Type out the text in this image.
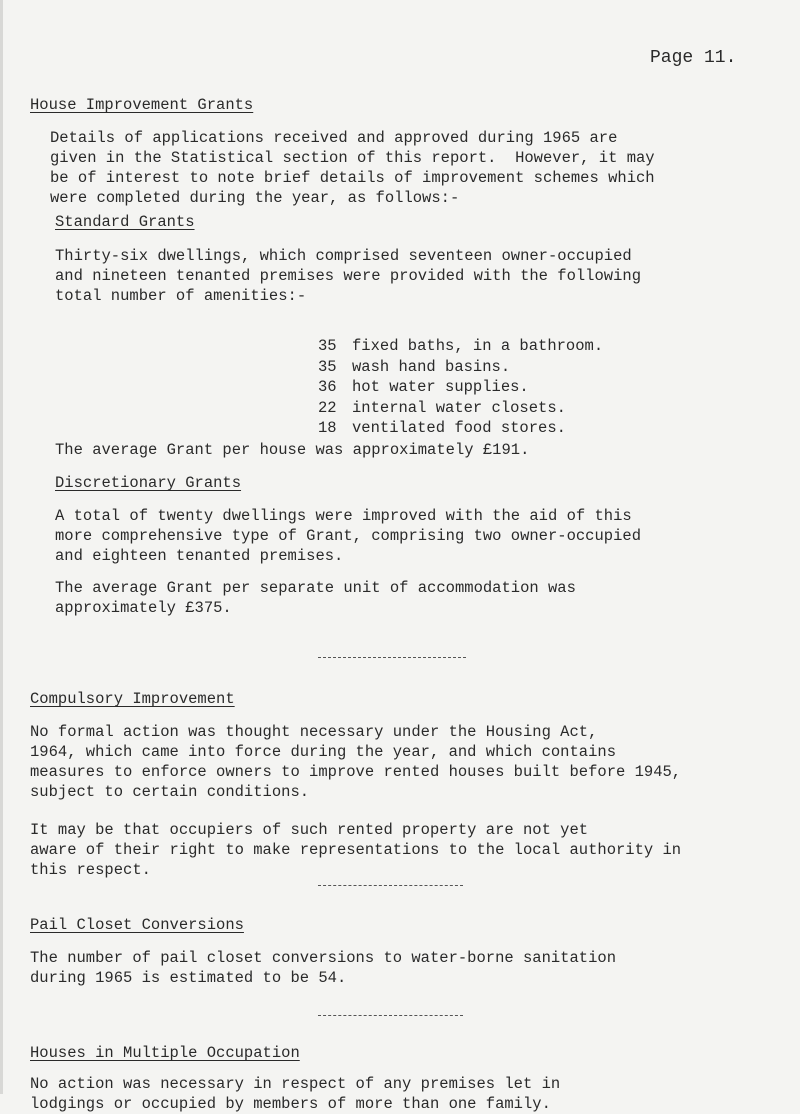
Page 11.
House Improvement Grants
Details of applications received and approved during 1965 are
given in the Statistical section of this report.  However, it may
be of interest to note brief details of improvement schemes which
were completed during the year, as follows:-
Standard Grants
Thirty-six dwellings, which comprised seventeen owner-occupied
and nineteen tenanted premises were provided with the following
total number of amenities:-
35 fixed baths, in a bathroom.
35 wash hand basins.
36 hot water supplies.
22 internal water closets.
18 ventilated food stores.
The average Grant per house was approximately £191.
Discretionary Grants
A total of twenty dwellings were improved with the aid of this
more comprehensive type of Grant, comprising two owner-occupied
and eighteen tenanted premises.
The average Grant per separate unit of accommodation was
approximately £375.
Compulsory Improvement
No formal action was thought necessary under the Housing Act,
1964, which came into force during the year, and which contains
measures to enforce owners to improve rented houses built before 1945,
subject to certain conditions.
It may be that occupiers of such rented property are not yet
aware of their right to make representations to the local authority in
this respect.
Pail Closet Conversions
The number of pail closet conversions to water-borne sanitation
during 1965 is estimated to be 54.
Houses in Multiple Occupation
No action was necessary in respect of any premises let in
lodgings or occupied by members of more than one family.
